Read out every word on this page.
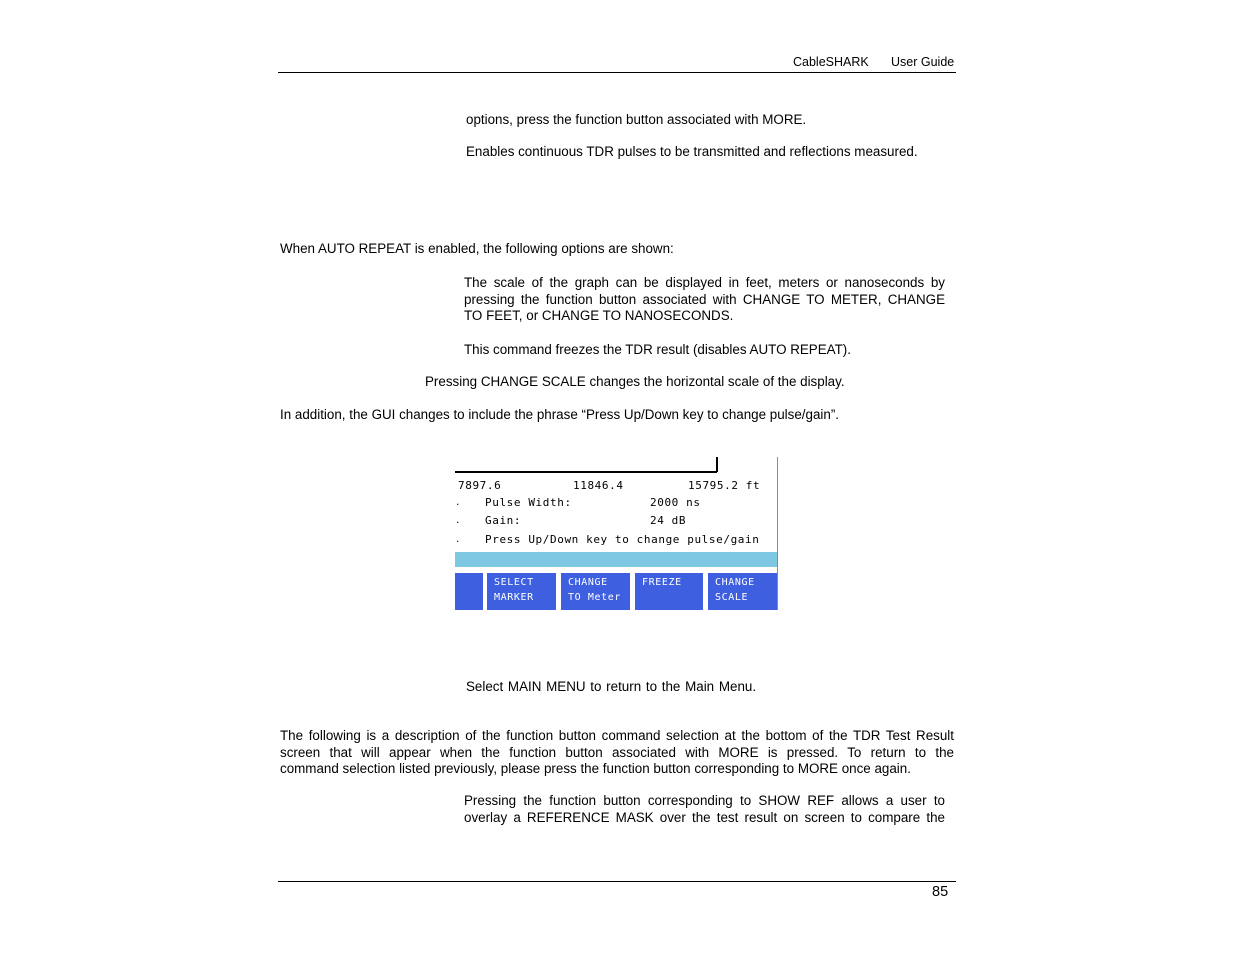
CableSHARK User Guide
options, press the function button associated with MORE.
Enables continuous TDR pulses to be transmitted and reflections measured.
When AUTO REPEAT is enabled, the following options are shown:
The scale of the graph can be displayed in feet, meters or nanoseconds by
pressing the function button associated with CHANGE TO METER, CHANGE
TO FEET, or CHANGE TO NANOSECONDS.
This command freezes the TDR result (disables AUTO REPEAT).
Pressing CHANGE SCALE changes the horizontal scale of the display.
In addition, the GUI changes to include the phrase “Press Up/Down key to change pulse/gain”.
7897.6	11846.4	15795.2 ft
. Pulse Width:	2000 ns
. Gain:	24 dB
. Press Up/Down key to change pulse/gain
SELECT
MARKER
CHANGE
TO Meter
FREEZE	CHANGE
SCALE
Select MAIN MENU to return to the Main Menu.
The following is a description of the function button command selection at the bottom of the TDR Test Result
screen that will appear when the function button associated with MORE is pressed. To return to the
command selection listed previously, please press the function button corresponding to MORE once again.
Pressing the function button corresponding to SHOW REF allows a user to
overlay a REFERENCE MASK over the test result on screen to compare the
85
